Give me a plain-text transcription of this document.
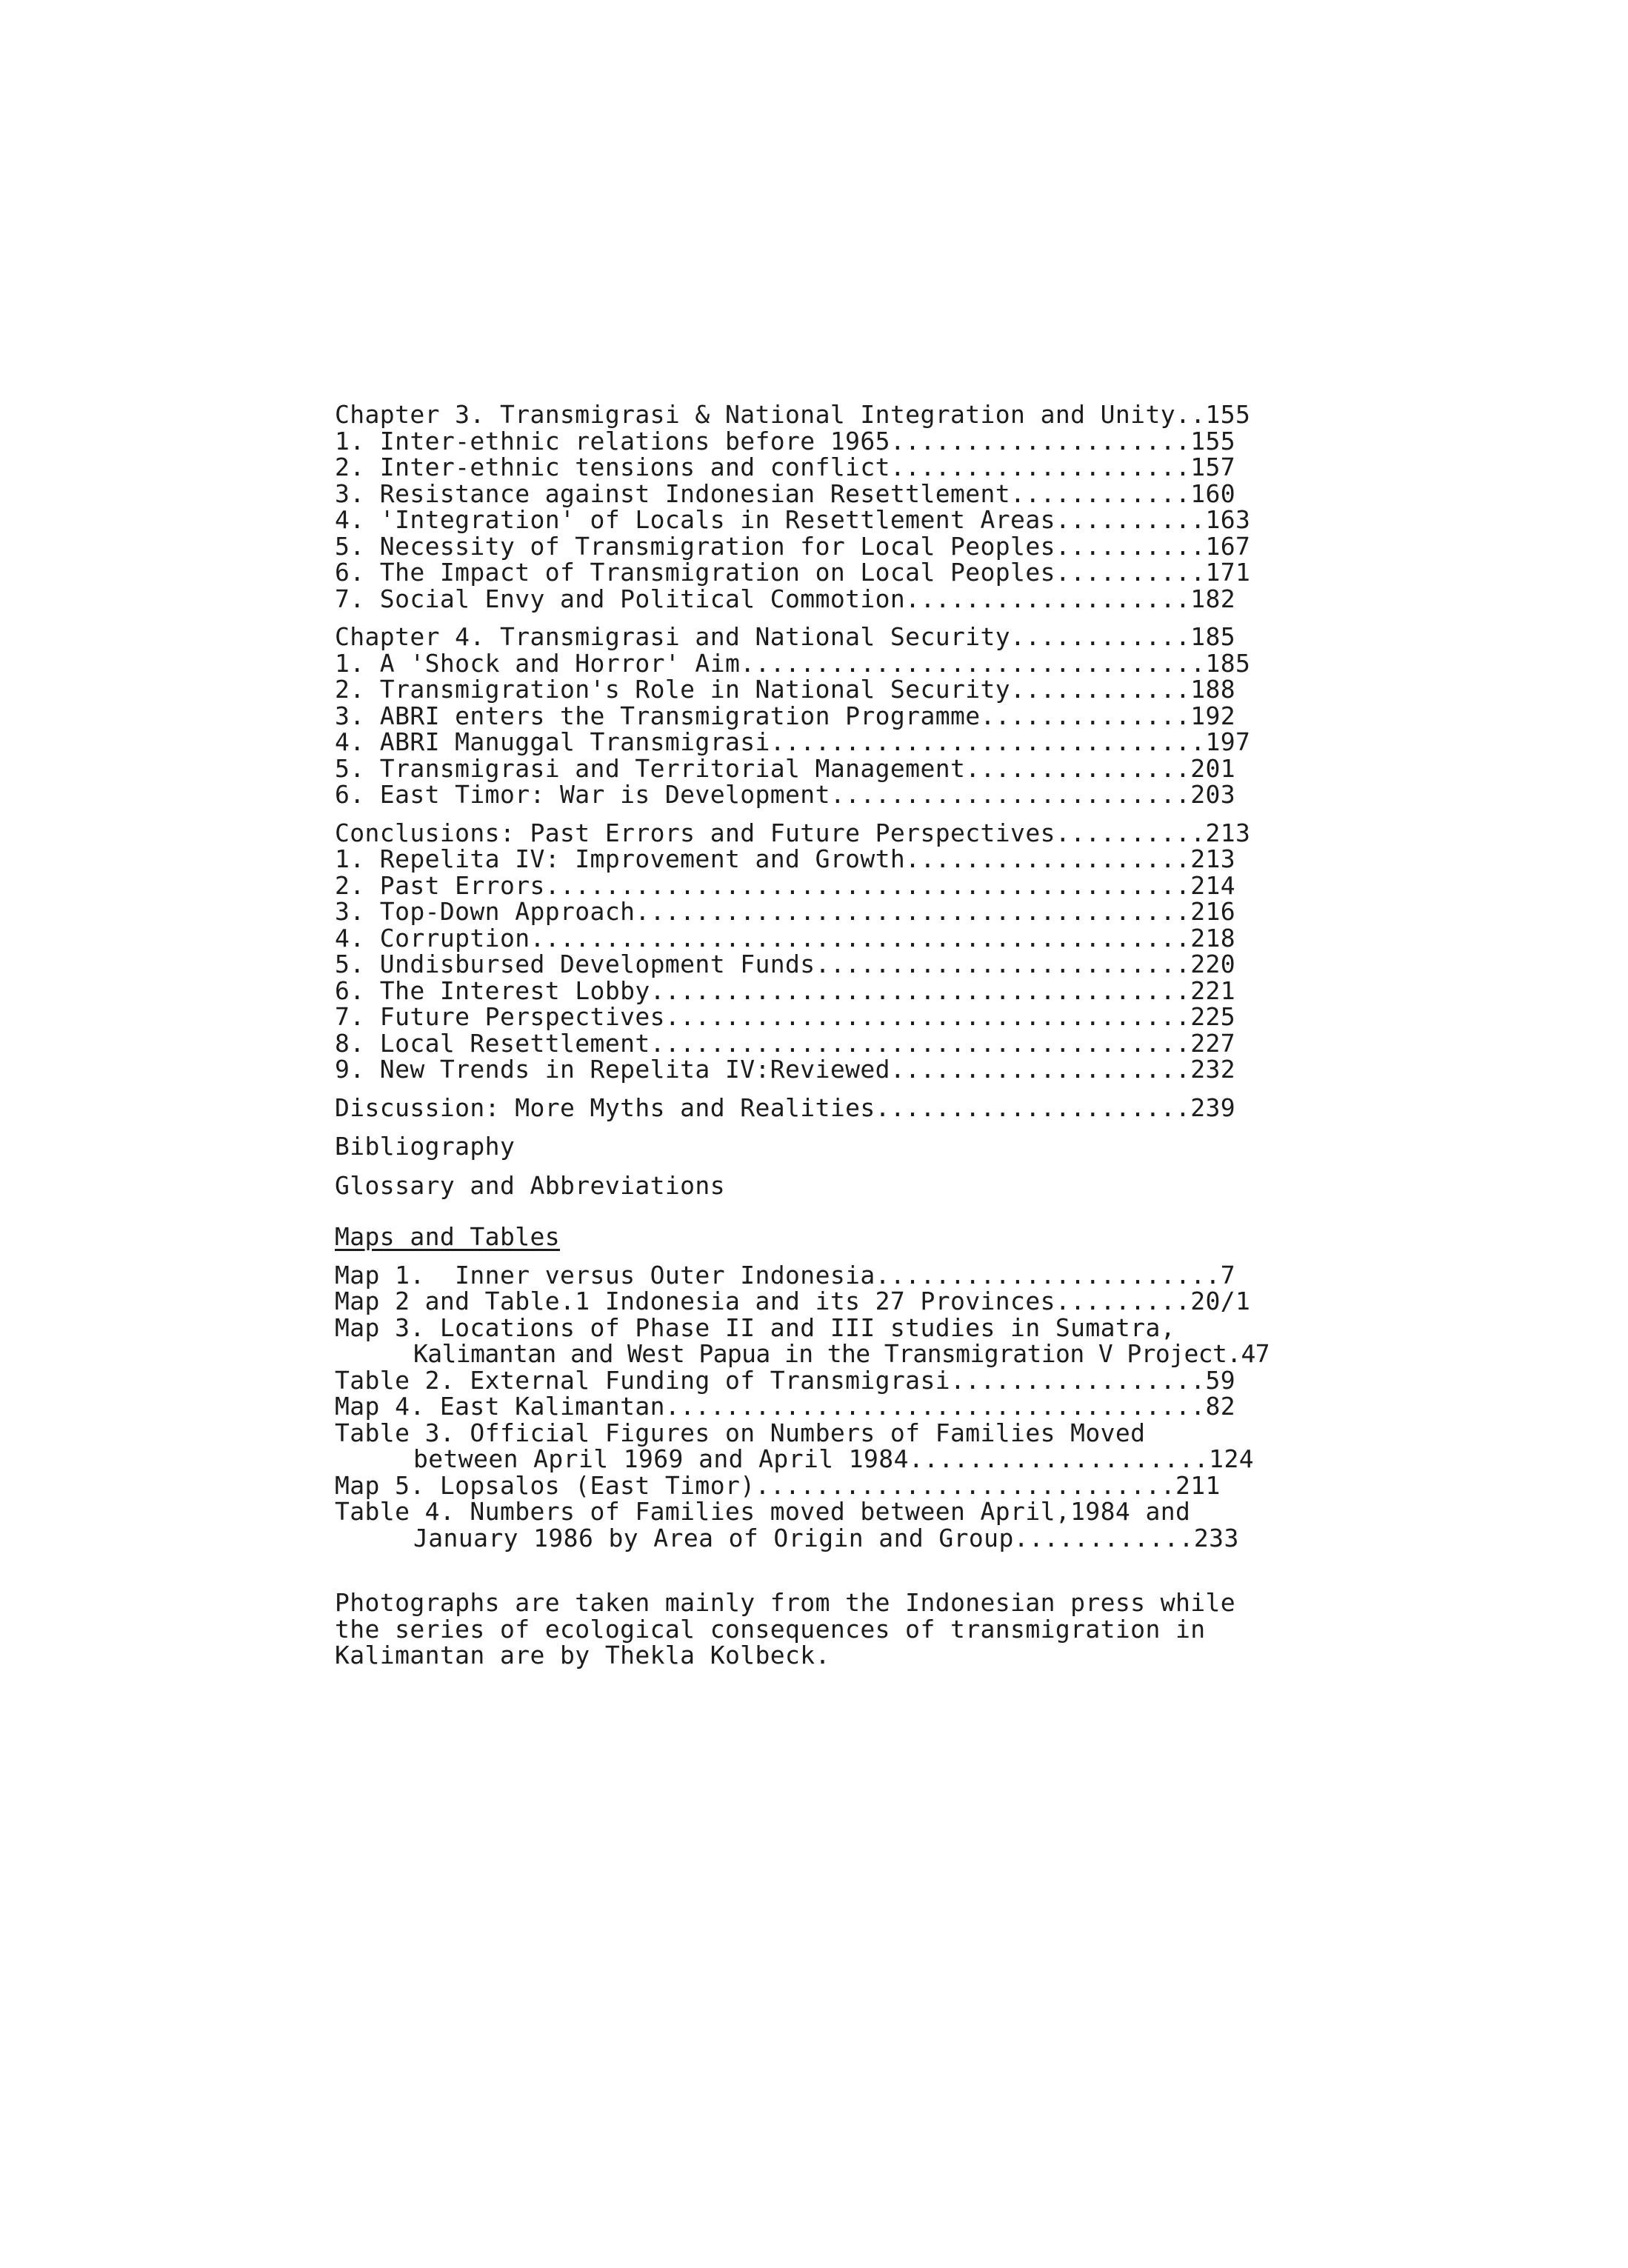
Chapter 3. Transmigrasi & National Integration and Unity..155
1. Inter-ethnic relations before 1965....................155
2. Inter-ethnic tensions and conflict....................157
3. Resistance against Indonesian Resettlement............160
4. 'Integration' of Locals in Resettlement Areas..........163
5. Necessity of Transmigration for Local Peoples..........167
6. The Impact of Transmigration on Local Peoples..........171
7. Social Envy and Political Commotion...................182
Chapter 4. Transmigrasi and National Security............185
1. A 'Shock and Horror' Aim...............................185
2. Transmigration's Role in National Security............188
3. ABRI enters the Transmigration Programme..............192
4. ABRI Manuggal Transmigrasi.............................197
5. Transmigrasi and Territorial Management...............201
6. East Timor: War is Development........................203
Conclusions: Past Errors and Future Perspectives..........213
1. Repelita IV: Improvement and Growth...................213
2. Past Errors...........................................214
3. Top-Down Approach.....................................216
4. Corruption............................................218
5. Undisbursed Development Funds.........................220
6. The Interest Lobby....................................221
7. Future Perspectives...................................225
8. Local Resettlement....................................227
9. New Trends in Repelita IV:Reviewed....................232
Discussion: More Myths and Realities.....................239
Bibliography
Glossary and Abbreviations
Maps and Tables
Map 1.  Inner versus Outer Indonesia.......................7
Map 2 and Table.1 Indonesia and its 27 Provinces.........20/1
Map 3. Locations of Phase II and III studies in Sumatra,
Kalimantan and West Papua in the Transmigration V Project.47
Table 2. External Funding of Transmigrasi.................59
Map 4. East Kalimantan....................................82
Table 3. Official Figures on Numbers of Families Moved
between April 1969 and April 1984....................124
Map 5. Lopsalos (East Timor)............................211
Table 4. Numbers of Families moved between April,1984 and
January 1986 by Area of Origin and Group............233
Photographs are taken mainly from the Indonesian press while
the series of ecological consequences of transmigration in
Kalimantan are by Thekla Kolbeck.
